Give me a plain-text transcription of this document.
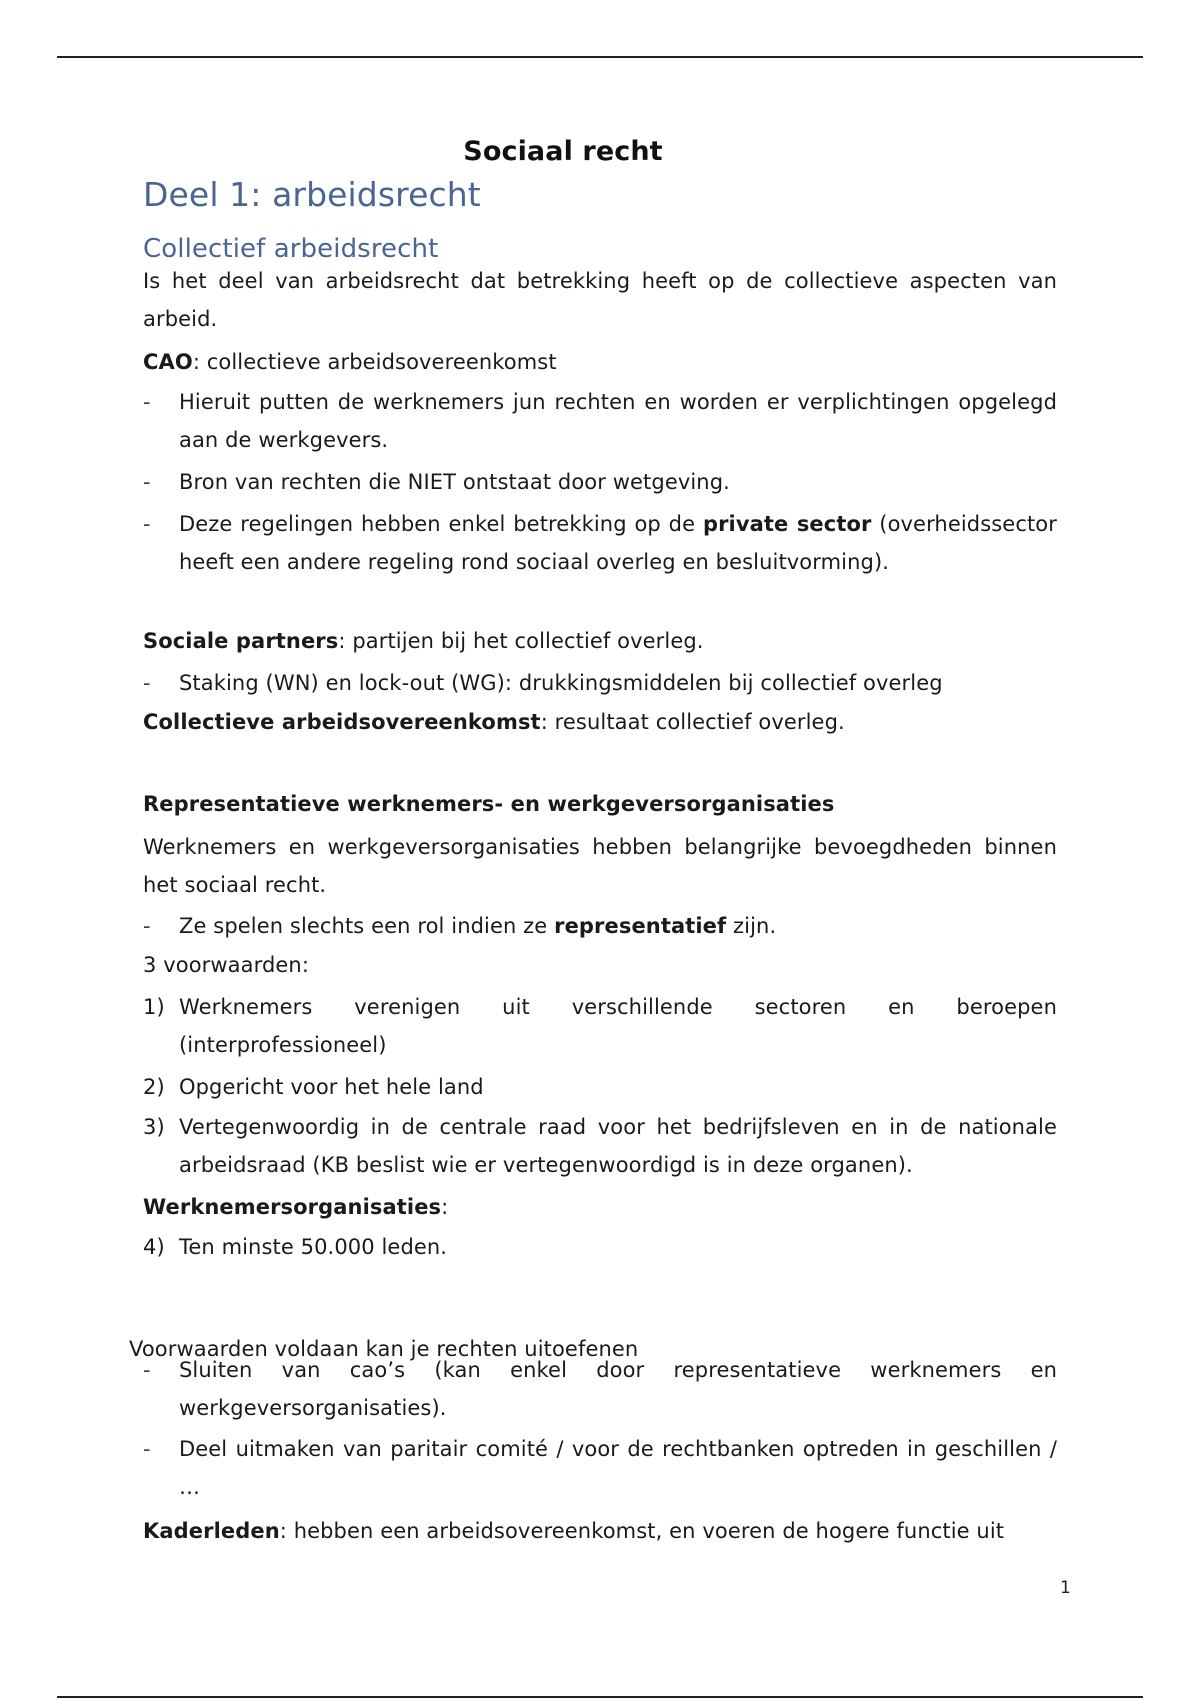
Sociaal recht
Deel 1: arbeidsrecht
Collectief arbeidsrecht

Is het deel van arbeidsrecht dat betrekking heeft op de collectieve aspecten van arbeid.

CAO: collectieve arbeidsovereenkomst

-	Hieruit putten de werknemers jun rechten en worden er verplichtingen opgelegd aan de werkgevers.
-	Bron van rechten die NIET ontstaat door wetgeving.
-	Deze regelingen hebben enkel betrekking op de private sector (overheidssector heeft een andere regeling rond sociaal overleg en besluitvorming).

Sociale partners: partijen bij het collectief overleg.

-	Staking (WN) en lock-out (WG): drukkingsmiddelen bij collectief overleg

Collectieve arbeidsovereenkomst: resultaat collectief overleg.

Representatieve werknemers- en werkgeversorganisaties

Werknemers en werkgeversorganisaties hebben belangrijke bevoegdheden binnen het sociaal recht.

-	Ze spelen slechts een rol indien ze representatief zijn.

3 voorwaarden:

1) Werknemers verenigen uit verschillende sectoren en beroepen (interprofessioneel)
2) Opgericht voor het hele land
3) Vertegenwoordig in de centrale raad voor het bedrijfsleven en in de nationale arbeidsraad (KB beslist wie er vertegenwoordigd is in deze organen).

Werknemersorganisaties:

4) Ten minste 50.000 leden.

Voorwaarden voldaan kan je rechten uitoefenen

-	Sluiten van cao’s (kan enkel door representatieve werknemers en werkgeversorganisaties).
-	Deel uitmaken van paritair comité / voor de rechtbanken optreden in geschillen / …

Kaderleden: hebben een arbeidsovereenkomst, en voeren de hogere functie uit

1
